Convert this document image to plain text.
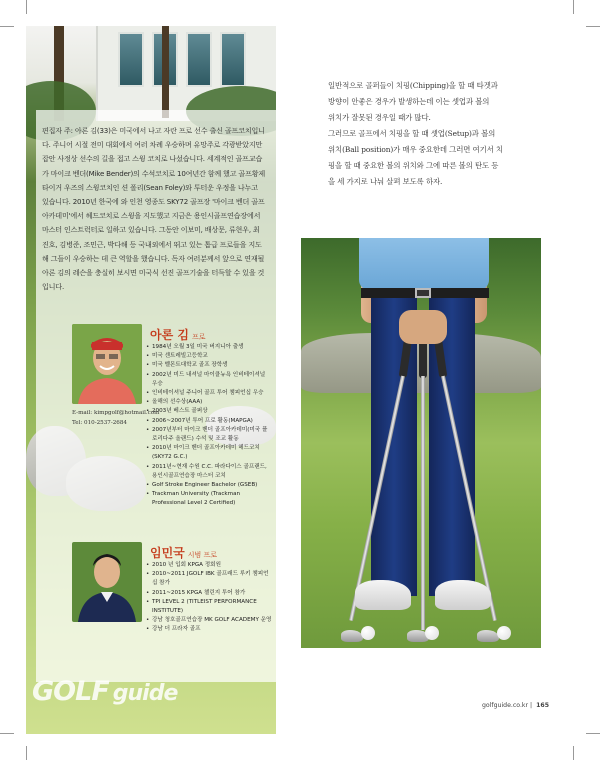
편집자 주: 아론 김(33)은 미국에서 나고 자란 프로 선수 출신 골프코치입니다. 주니어 시절 전미 대회에서 여러 차례 우승하며 유망주로 각광받았지만 잡안 사정상 선수의 길을 접고 스윙 코치로 나섰습니다. 세계적인 골프교습가 마이크 벤더(Mike Bender)의 수석코치로 10여년간 함께 했고 골프황제 타이거 우즈의 스윙코치인 션 폴리(Sean Foley)와 투터운 우정을 나누고 있습니다. 2010년 한국에 와 인천 영종도 SKY72 골프장 '마이크 벤더 골프아카데미'에서 헤드코치로 스윙을 지도했고 지금은 용인시골프연습장에서 마스터 인스트럭터로 일하고 있습니다. 그동안 이보미, 배상문, 류현우, 최진호, 김병준, 조민근, 박다해 등 국내외에서 뛰고 있는 톱급 프로들을 지도해 그들이 우승하는 데 큰 역할을 했습니다. 독자 여러분께서 앞으로 연재될 아론 김의 레슨을 충실히 보시면 미국식 선진 골프기술을 터득할 수 있을 것입니다.
아론 김 프로
• 1984년 오월 3일 미국 버지니아 출생
• 미국 센트레빌고등학교
• 미국 벨몬트대학교 골프 장학생
• 2002년 미드 내셔널 마이클뉴욕 인비테이셔널 우승
• 인비테이셔널 주니어 골프 투어 챔피언십 우승
• 올해의 선수상(AAA)
• 2003년 베스트 골퍼상
• 2006~2007년 투어 프로 활동(MAPGA)
• 2007년부터 마이크 벤더 골프아카데미(미국 플로리다주 올랜드) 수석 및 조교 활동
• 2010년 마이크 벤더 골프아카데미 헤드코치(SKY72 G.C.)
• 2011년~현재 수원 C.C. 파라다이스 골프랜드, 용인시골프연습장 마스터 코치
• Golf Stroke Engineer Bachelor (GSEB)
• Trackman University (Trackman Professional Level 2 Certified)
E-mail: kimpgolf@hotmail.com
Tel: 010-2537-2684
임민국 시범 프로
• 2010 년 입회 KPGA 정회원
• 2010~2011 JGOLF IBK 골프래드 루키 챔피언십 참가
• 2011~2015 KPGA 챌린지 투어 참가
• TPI LEVEL 2 (TITLEIST PERFORMANCE INSTITUTE)
• 강남 청호골프연습장 MK GOLF ACADEMY 운영
• 강남 더 프라자 골프
GOLF guide
일반적으로 골퍼들이 치핑(Chipping)을 할 때 타겟과
방향이 안좋은 경우가 발생하는데 이는 셋업과 볼의
위치가 잘못된 경우일 때가 많다.
그러므로 골프에서 치핑을 할 때 셋업(Setup)과 볼의
위치(Ball position)가 매우 중요한데 그러면 여기서 치
핑을 할 때 중요한 볼의 위치와 그에 따른 볼의 탄도 등
을 세 가지로 나눠 살펴 보도록 하자.
golfguide.co.kr | 165
